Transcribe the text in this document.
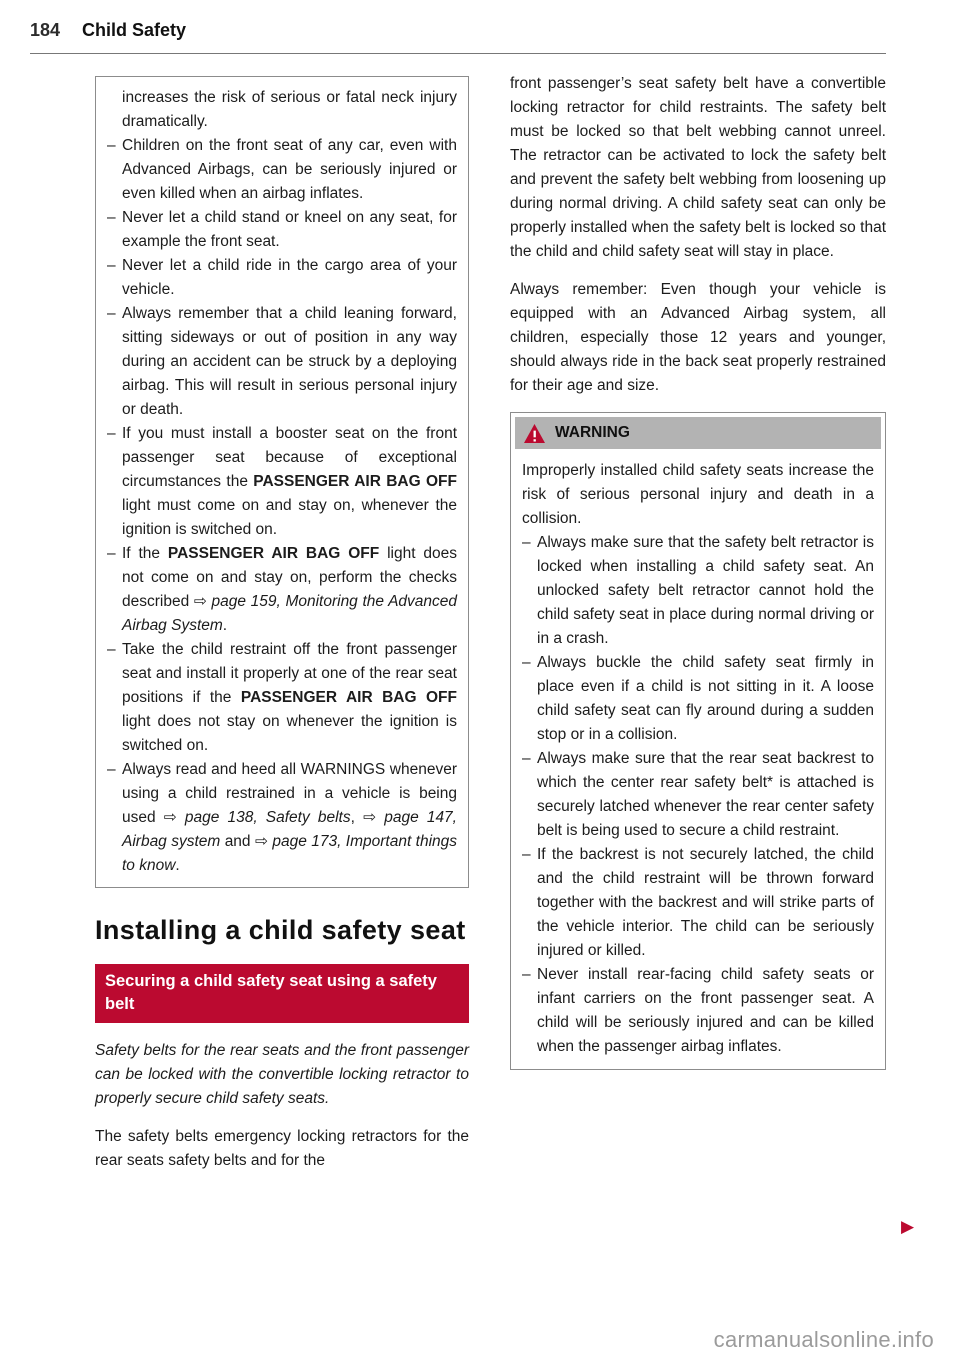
184 Child Safety

increases the risk of serious or fatal neck injury dramatically.

– Children on the front seat of any car, even with Advanced Airbags, can be seriously injured or even killed when an airbag inflates.
– Never let a child stand or kneel on any seat, for example the front seat.
– Never let a child ride in the cargo area of your vehicle.
– Always remember that a child leaning forward, sitting sideways or out of position in any way during an accident can be struck by a deploying airbag. This will result in serious personal injury or death.
– If you must install a booster seat on the front passenger seat because of exceptional circumstances the PASSENGER AIR BAG OFF light must come on and stay on, whenever the ignition is switched on.
– If the PASSENGER AIR BAG OFF light does not come on and stay on, perform the checks described ⇨ page 159, Monitoring the Advanced Airbag System.
– Take the child restraint off the front passenger seat and install it properly at one of the rear seat positions if the PASSENGER AIR BAG OFF light does not stay on whenever the ignition is switched on.
– Always read and heed all WARNINGS whenever using a child restrained in a vehicle is being used ⇨ page 138, Safety belts, ⇨ page 147, Airbag system and ⇨ page 173, Important things to know.
Installing a child safety seat
Securing a child safety seat using a safety belt

Safety belts for the rear seats and the front passenger can be locked with the convertible locking retractor to properly secure child safety seats.

The safety belts emergency locking retractors for the rear seats safety belts and for the

front passenger’s seat safety belt have a convertible locking retractor for child restraints. The safety belt must be locked so that belt webbing cannot unreel. The retractor can be activated to lock the safety belt and prevent the safety belt webbing from loosening up during normal driving. A child safety seat can only be properly installed when the safety belt is locked so that the child and child safety seat will stay in place.

Always remember: Even though your vehicle is equipped with an Advanced Airbag system, all children, especially those 12 years and younger, should always ride in the back seat properly restrained for their age and size.

WARNING

Improperly installed child safety seats increase the risk of serious personal injury and death in a collision.

– Always make sure that the safety belt retractor is locked when installing a child safety seat. An unlocked safety belt retractor cannot hold the child safety seat in place during normal driving or in a crash.
– Always buckle the child safety seat firmly in place even if a child is not sitting in it. A loose child safety seat can fly around during a sudden stop or in a collision.
– Always make sure that the rear seat backrest to which the center rear safety belt* is attached is securely latched whenever the rear center safety belt is being used to secure a child restraint.
– If the backrest is not securely latched, the child and the child restraint will be thrown forward together with the backrest and will strike parts of the vehicle interior. The child can be seriously injured or killed.
– Never install rear-facing child safety seats or infant carriers on the front passenger seat. A child will be seriously injured and can be killed when the passenger airbag inflates.
▶
carmanualsonline.info
